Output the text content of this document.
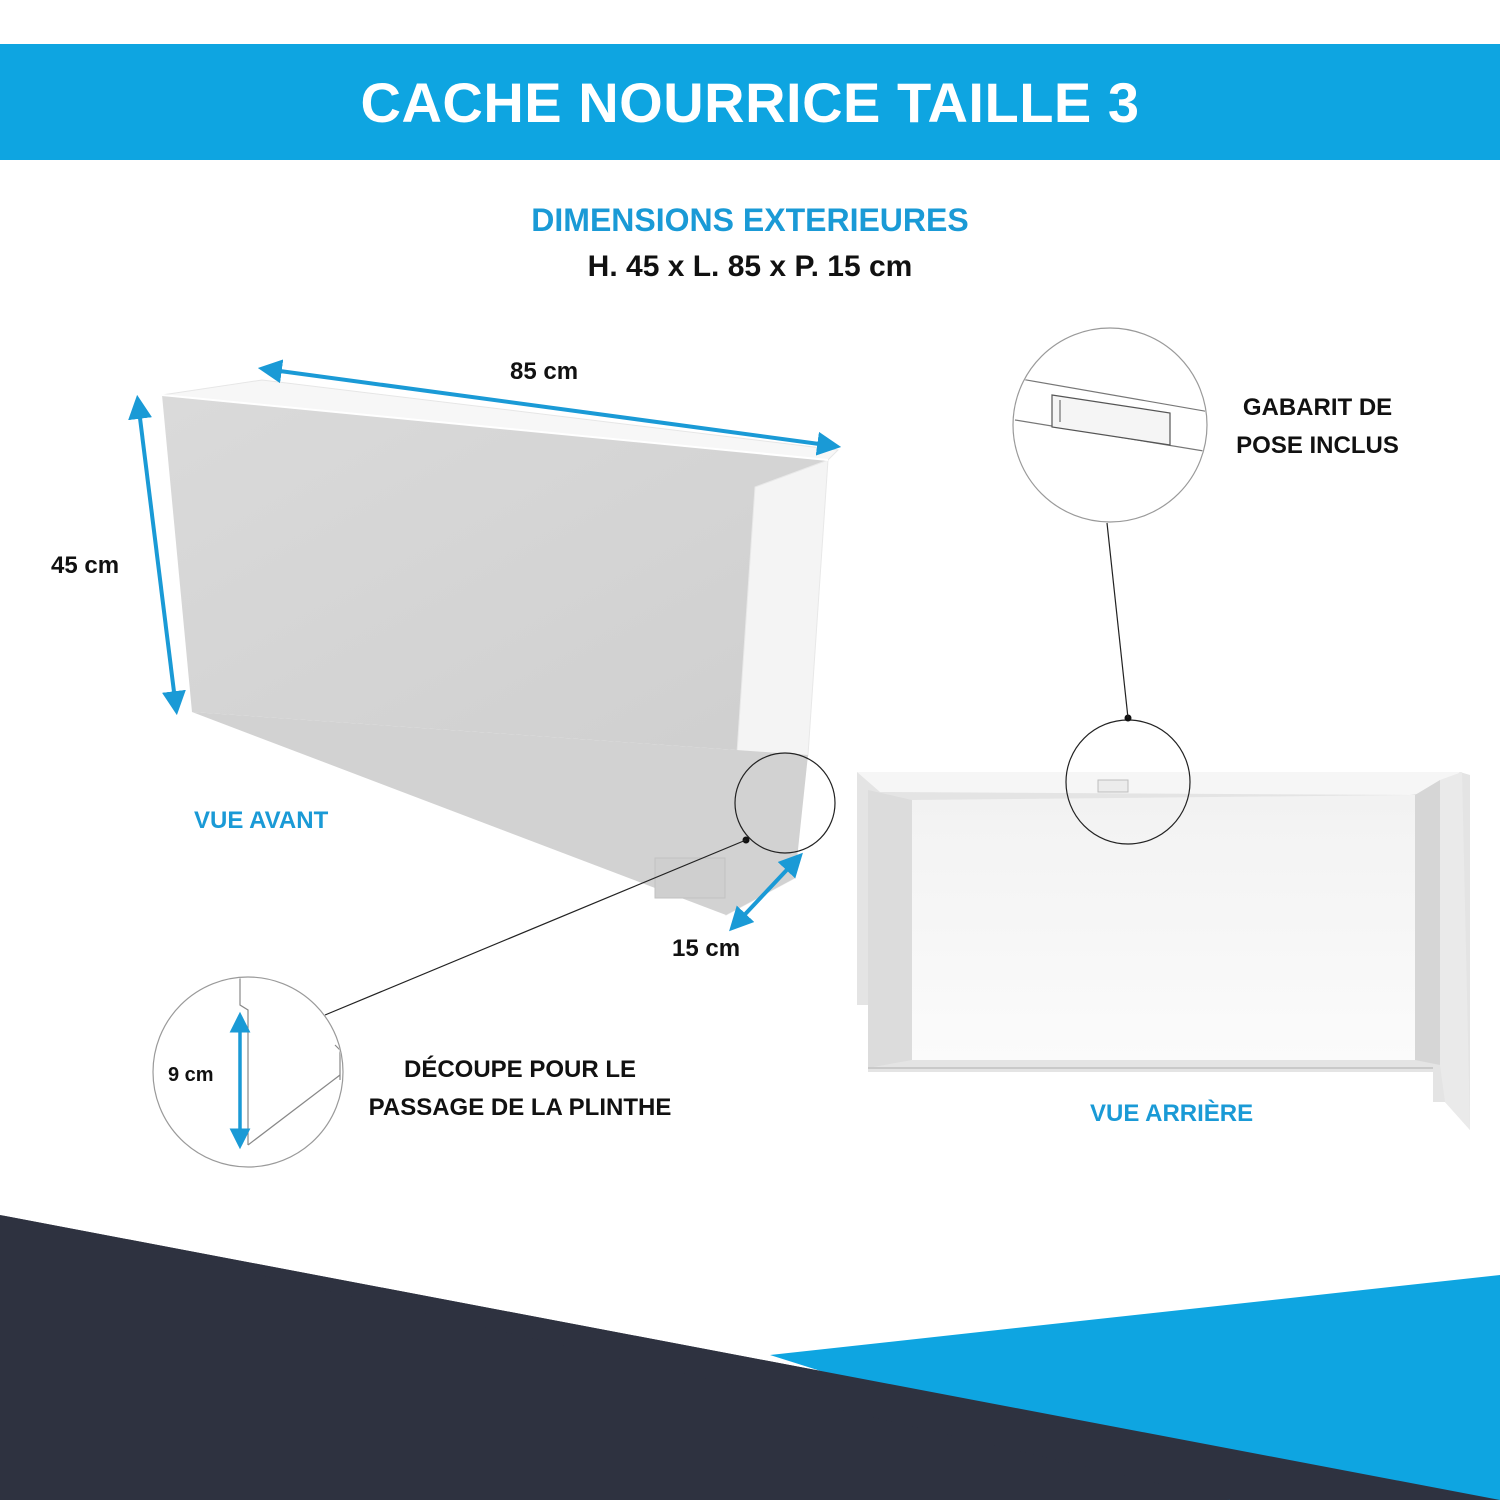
CACHE NOURRICE TAILLE 3
DIMENSIONS EXTERIEURES
H. 45 x L. 85 x P. 15 cm
85 cm
45 cm
15 cm
VUE AVANT
9 cm	DÉCOUPE POUR LE
PASSAGE DE LA PLINTHE
GABARIT DE
POSE INCLUS
VUE ARRIÈRE
